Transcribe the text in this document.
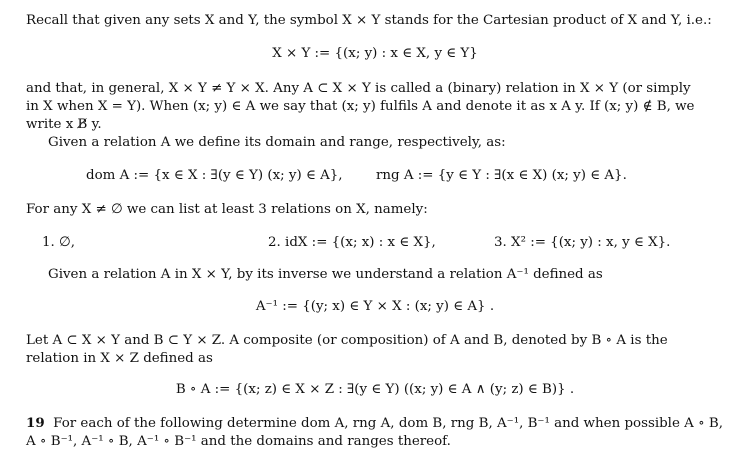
Recall that given any sets X and Y, the symbol X × Y stands for the Cartesian product of X and Y, i.e.:
X × Y := {(x; y) : x ∈ X, y ∈ Y}
and that, in general, X × Y ≠ Y × X. Any A ⊂ X × Y is called a (binary) relation in X × Y (or simply
in X when X = Y). When (x; y) ∈ A we say that (x; y) fulfils A and denote it as x A y. If (x; y) ∉ B, we
write x B̸ y.
Given a relation A we define its domain and range, respectively, as:
dom A := {x ∈ X : ∃(y ∈ Y) (x; y) ∈ A}, rng A := {y ∈ Y : ∃(x ∈ X) (x; y) ∈ A}.
For any X ≠ ∅ we can list at least 3 relations on X, namely:
1. ∅,	2. idX := {(x; x) : x ∈ X},	3. X² := {(x; y) : x, y ∈ X}.
Given a relation A in X × Y, by its inverse we understand a relation A⁻¹ defined as
A⁻¹ := {(y; x) ∈ Y × X : (x; y) ∈ A} .
Let A ⊂ X × Y and B ⊂ Y × Z. A composite (or composition) of A and B, denoted by B ∘ A is the
relation in X × Z defined as
B ∘ A := {(x; z) ∈ X × Z : ∃(y ∈ Y) ((x; y) ∈ A ∧ (y; z) ∈ B)} .
19 For each of the following determine dom A, rng A, dom B, rng B, A⁻¹, B⁻¹ and when possible A ∘ B,
A ∘ B⁻¹, A⁻¹ ∘ B, A⁻¹ ∘ B⁻¹ and the domains and ranges thereof.
